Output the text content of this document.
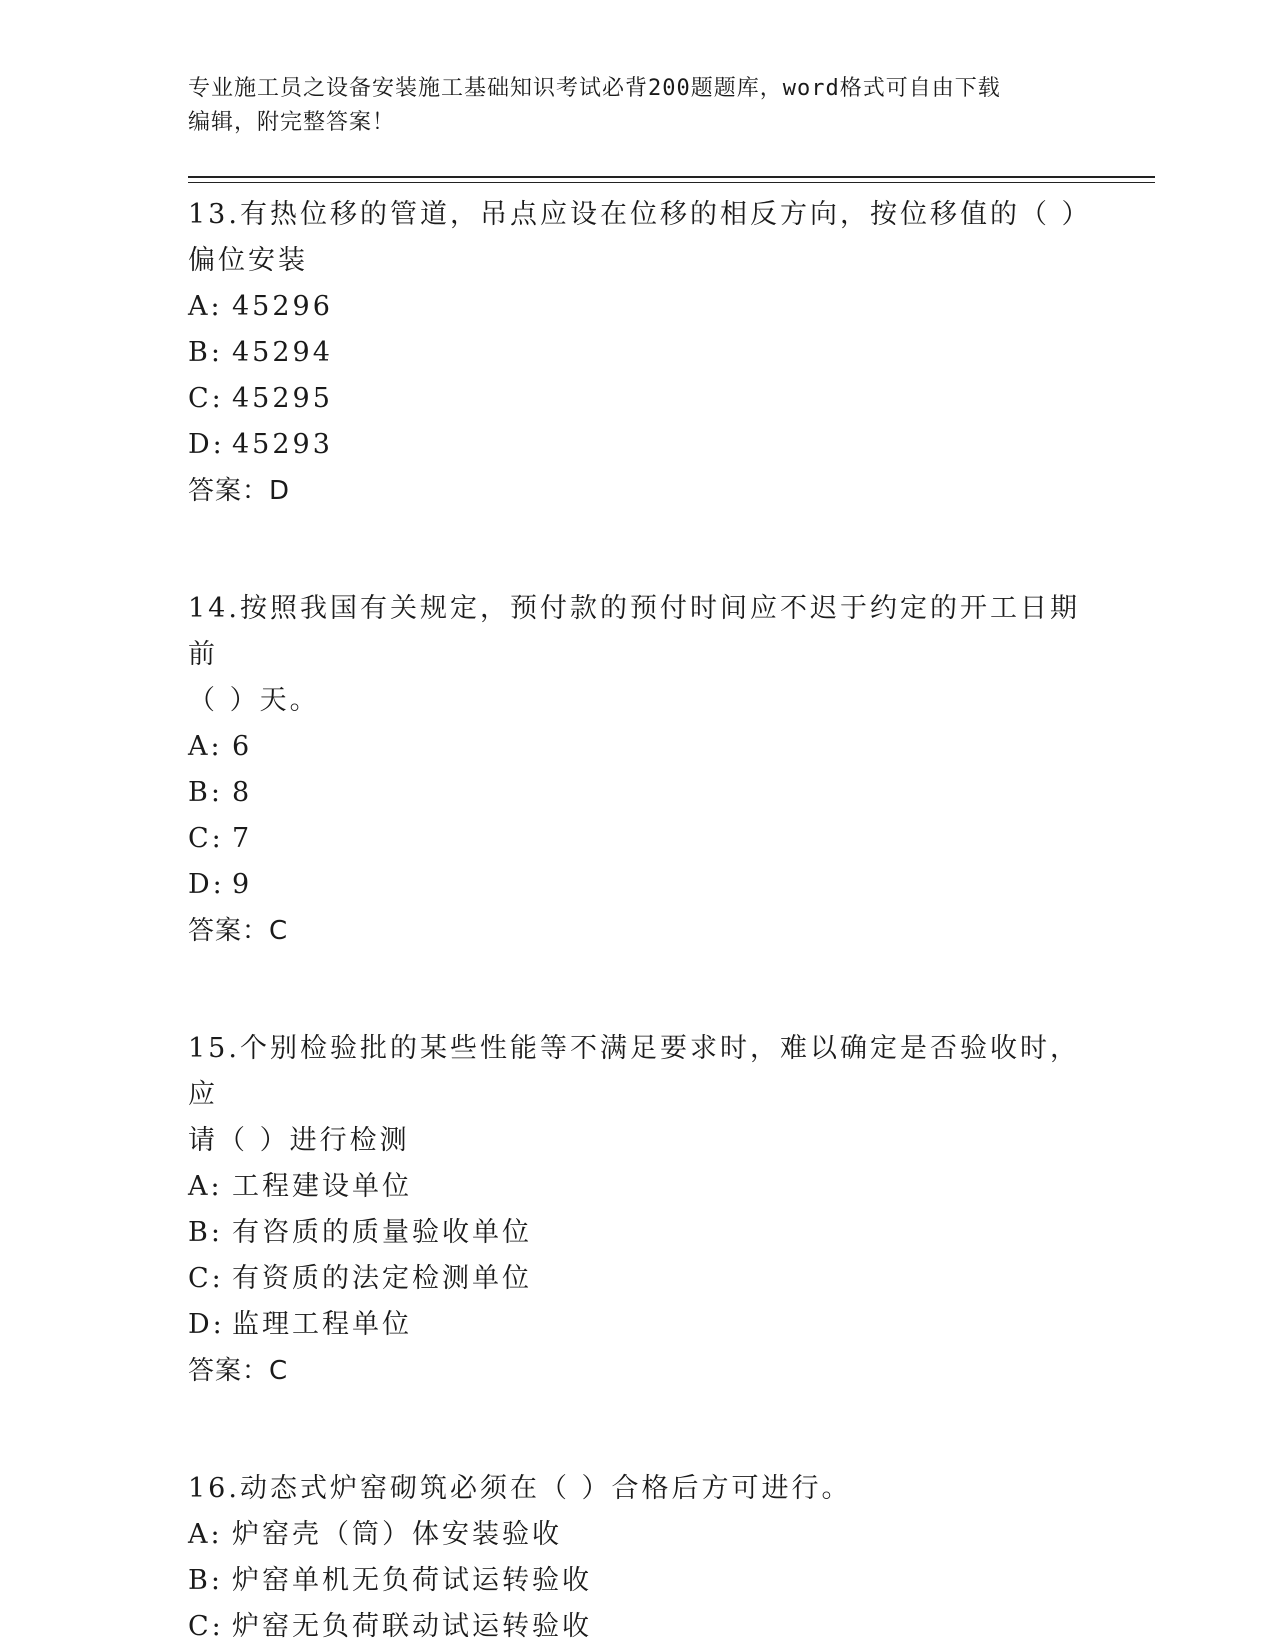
专业施工员之设备安装施工基础知识考试必背200题题库，word格式可自由下载
编辑，附完整答案！
13.有热位移的管道，吊点应设在位移的相反方向，按位移值的（ ）
偏位安装
A: 45296
B: 45294
C: 45295
D: 45293
答案：D
14.按照我国有关规定，预付款的预付时间应不迟于约定的开工日期前
（ ）天。
A: 6
B: 8
C: 7
D: 9
答案：C
15.个别检验批的某些性能等不满足要求时，难以确定是否验收时，应
请（ ）进行检测
A: 工程建设单位
B: 有咨质的质量验收单位
C: 有资质的法定检测单位
D: 监理工程单位
答案：C
16.动态式炉窑砌筑必须在（ ）合格后方可进行。
A: 炉窑壳（筒）体安装验收
B: 炉窑单机无负荷试运转验收
C: 炉窑无负荷联动试运转验收
